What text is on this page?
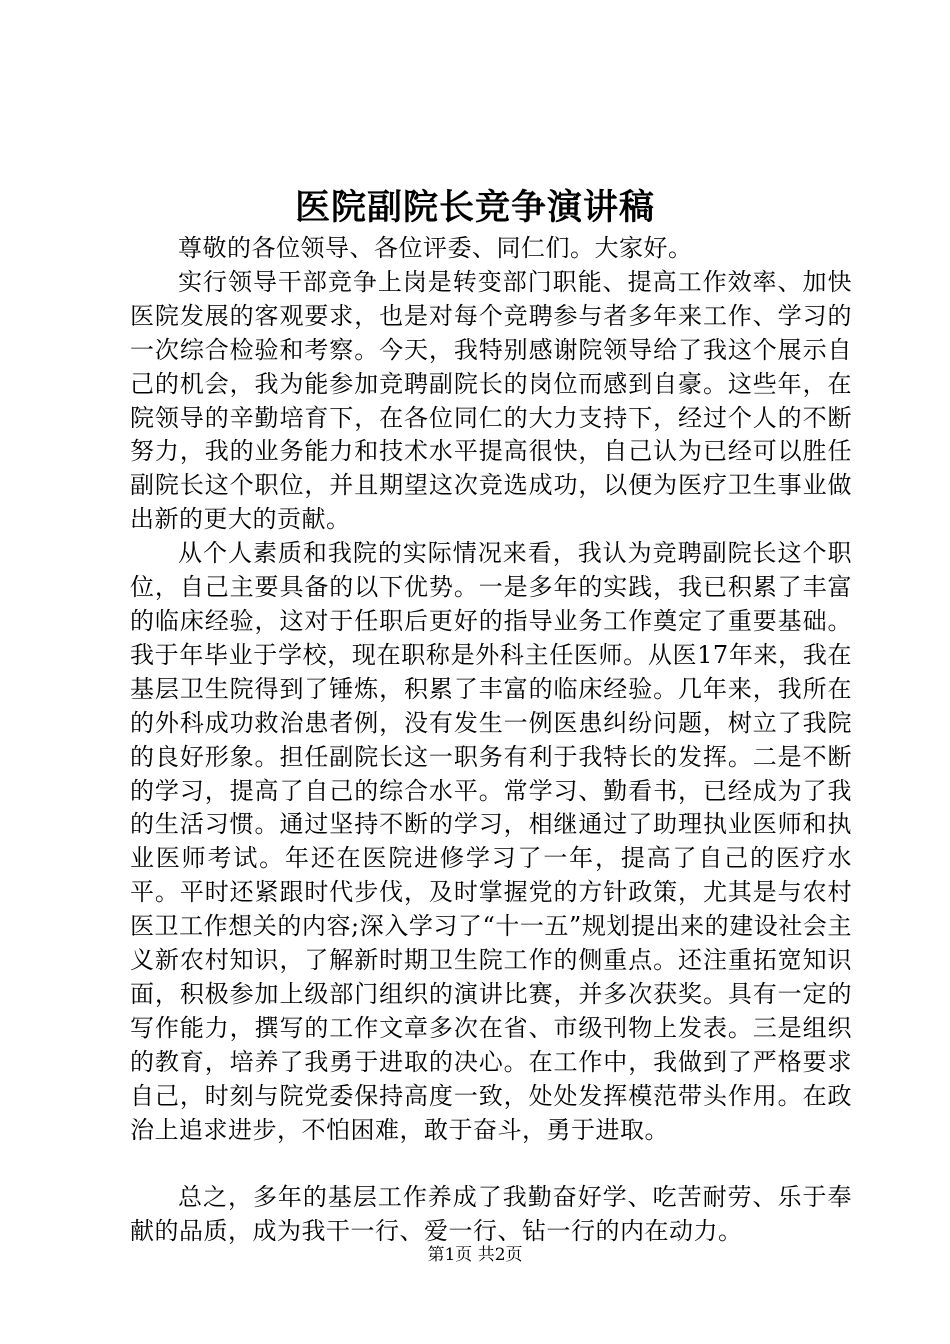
医院副院长竞争演讲稿

尊敬的各位领导、各位评委、同仁们。大家好。

实行领导干部竞争上岗是转变部门职能、提高工作效率、加快医院发展的客观要求，也是对每个竞聘参与者多年来工作、学习的一次综合检验和考察。今天，我特别感谢院领导给了我这个展示自己的机会，我为能参加竞聘副院长的岗位而感到自豪。这些年，在院领导的辛勤培育下，在各位同仁的大力支持下，经过个人的不断努力，我的业务能力和技术水平提高很快，自己认为已经可以胜任副院长这个职位，并且期望这次竞选成功，以便为医疗卫生事业做出新的更大的贡献。

从个人素质和我院的实际情况来看，我认为竞聘副院长这个职位，自己主要具备的以下优势。一是多年的实践，我已积累了丰富的临床经验，这对于任职后更好的指导业务工作奠定了重要基础。我于年毕业于学校，现在职称是外科主任医师。从医17年来，我在基层卫生院得到了锤炼，积累了丰富的临床经验。几年来，我所在的外科成功救治患者例，没有发生一例医患纠纷问题，树立了我院的良好形象。担任副院长这一职务有利于我特长的发挥。二是不断的学习，提高了自己的综合水平。常学习、勤看书，已经成为了我的生活习惯。通过坚持不断的学习，相继通过了助理执业医师和执业医师考试。年还在医院进修学习了一年，提高了自己的医疗水平。平时还紧跟时代步伐，及时掌握党的方针政策，尤其是与农村医卫工作想关的内容;深入学习了“十一五”规划提出来的建设社会主义新农村知识，了解新时期卫生院工作的侧重点。还注重拓宽知识面，积极参加上级部门组织的演讲比赛，并多次获奖。具有一定的写作能力，撰写的工作文章多次在省、市级刊物上发表。三是组织的教育，培养了我勇于进取的决心。在工作中，我做到了严格要求自己，时刻与院党委保持高度一致，处处发挥模范带头作用。在政治上追求进步，不怕困难，敢于奋斗，勇于进取。

总之，多年的基层工作养成了我勤奋好学、吃苦耐劳、乐于奉献的品质，成为我干一行、爱一行、钻一行的内在动力。

第1页 共2页
